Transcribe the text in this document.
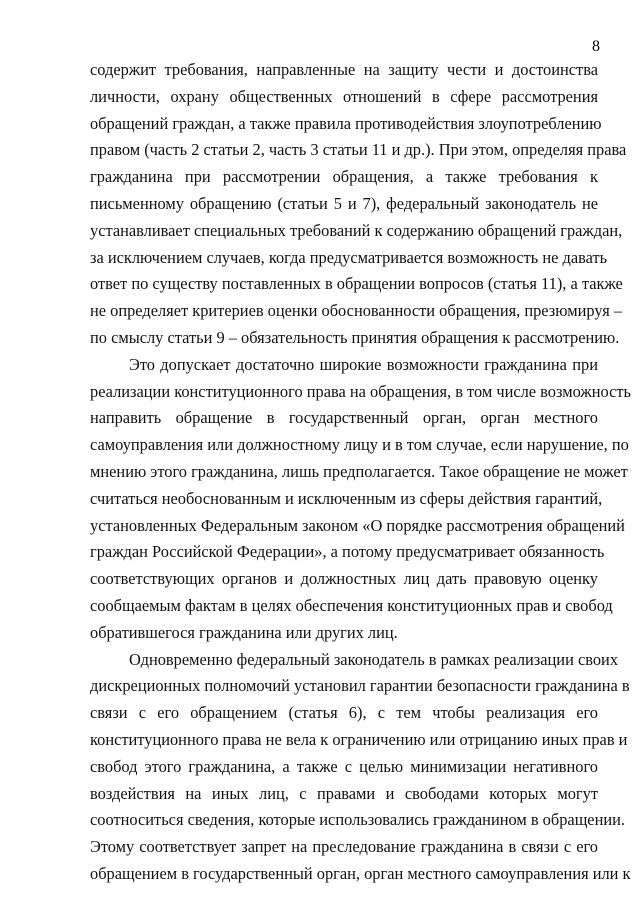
8
содержит требования, направленные на защиту чести и достоинства
личности, охрану общественных отношений в сфере рассмотрения
обращений граждан, а также правила противодействия злоупотреблению
правом (часть 2 статьи 2, часть 3 статьи 11 и др.). При этом, определяя права
гражданина при рассмотрении обращения, а также требования к
письменному обращению (статьи 5 и 7), федеральный законодатель не
устанавливает специальных требований к содержанию обращений граждан,
за исключением случаев, когда предусматривается возможность не давать
ответ по существу поставленных в обращении вопросов (статья 11), а также
не определяет критериев оценки обоснованности обращения, презюмируя –
по смыслу статьи 9 – обязательность принятия обращения к рассмотрению.
Это допускает достаточно широкие возможности гражданина при
реализации конституционного права на обращения, в том числе возможность
направить обращение в государственный орган, орган местного
самоуправления или должностному лицу и в том случае, если нарушение, по
мнению этого гражданина, лишь предполагается. Такое обращение не может
считаться необоснованным и исключенным из сферы действия гарантий,
установленных Федеральным законом «О порядке рассмотрения обращений
граждан Российской Федерации», а потому предусматривает обязанность
соответствующих органов и должностных лиц дать правовую оценку
сообщаемым фактам в целях обеспечения конституционных прав и свобод
обратившегося гражданина или других лиц.
Одновременно федеральный законодатель в рамках реализации своих
дискреционных полномочий установил гарантии безопасности гражданина в
связи с его обращением (статья 6), с тем чтобы реализация его
конституционного права не вела к ограничению или отрицанию иных прав и
свобод этого гражданина, а также с целью минимизации негативного
воздействия на иных лиц, с правами и свободами которых могут
соотноситься сведения, которые использовались гражданином в обращении.
Этому соответствует запрет на преследование гражданина в связи с его
обращением в государственный орган, орган местного самоуправления или к
